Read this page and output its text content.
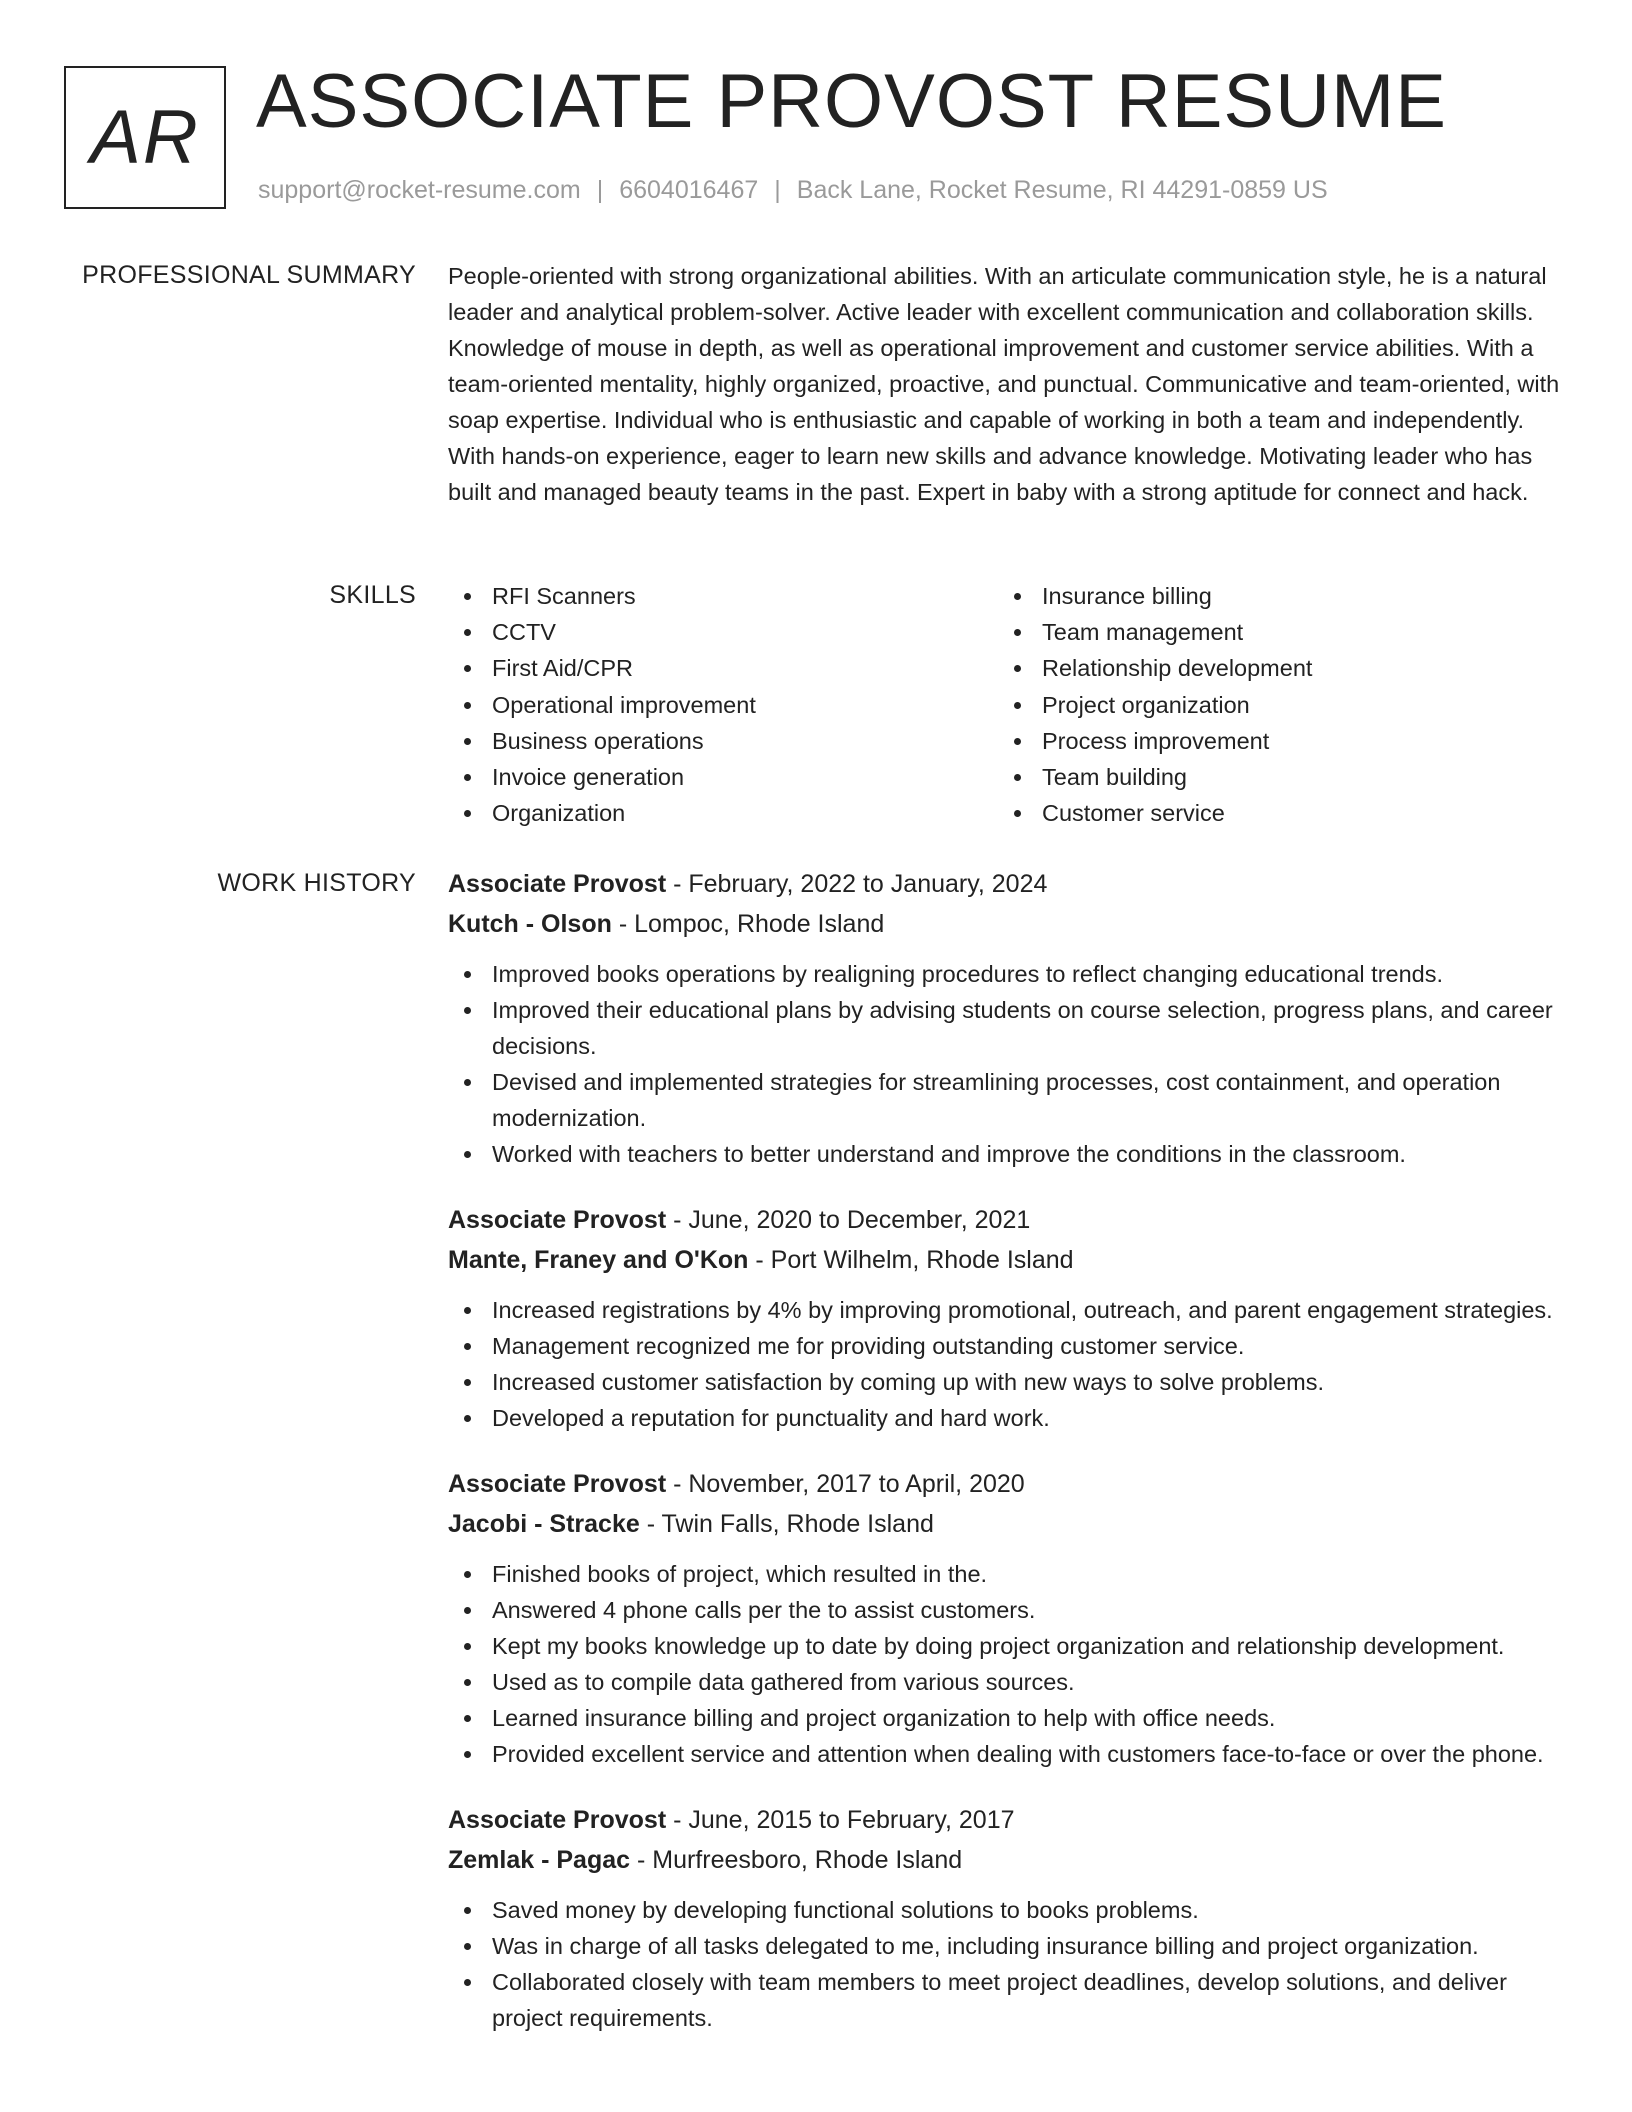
AR ASSOCIATE PROVOST RESUME
support@rocket-resume.com | 6604016467 | Back Lane, Rocket Resume, RI 44291-0859 US
PROFESSIONAL SUMMARY People-oriented with strong organizational abilities. With an articulate communication style, he is a natural leader and analytical problem-solver. Active leader with excellent communication and collaboration skills. Knowledge of mouse in depth, as well as operational improvement and customer service abilities. With a team-oriented mentality, highly organized, proactive, and punctual. Communicative and team-oriented, with soap expertise. Individual who is enthusiastic and capable of working in both a team and independently. With hands-on experience, eager to learn new skills and advance knowledge. Motivating leader who has built and managed beauty teams in the past. Expert in baby with a strong aptitude for connect and hack.
SKILLS	RFI Scanners
CCTV
First Aid/CPR
Operational improvement
Business operations
Invoice generation
Organization
Insurance billing
Team management
Relationship development
Project organization
Process improvement
Team building
Customer service
WORK HISTORY Associate Provost - February, 2022 to January, 2024
Kutch - Olson - Lompoc, Rhode Island
Improved books operations by realigning procedures to reflect changing educational trends.
Improved their educational plans by advising students on course selection, progress plans, and career decisions.
Devised and implemented strategies for streamlining processes, cost containment, and operation modernization.
Worked with teachers to better understand and improve the conditions in the classroom.
Associate Provost - June, 2020 to December, 2021
Mante, Franey and O'Kon - Port Wilhelm, Rhode Island
Increased registrations by 4% by improving promotional, outreach, and parent engagement strategies.
Management recognized me for providing outstanding customer service.
Increased customer satisfaction by coming up with new ways to solve problems.
Developed a reputation for punctuality and hard work.
Associate Provost - November, 2017 to April, 2020
Jacobi - Stracke - Twin Falls, Rhode Island
Finished books of project, which resulted in the.
Answered 4 phone calls per the to assist customers.
Kept my books knowledge up to date by doing project organization and relationship development.
Used as to compile data gathered from various sources.
Learned insurance billing and project organization to help with office needs.
Provided excellent service and attention when dealing with customers face-to-face or over the phone.
Associate Provost - June, 2015 to February, 2017
Zemlak - Pagac - Murfreesboro, Rhode Island
Saved money by developing functional solutions to books problems.
Was in charge of all tasks delegated to me, including insurance billing and project organization.
Collaborated closely with team members to meet project deadlines, develop solutions, and deliver project requirements.
